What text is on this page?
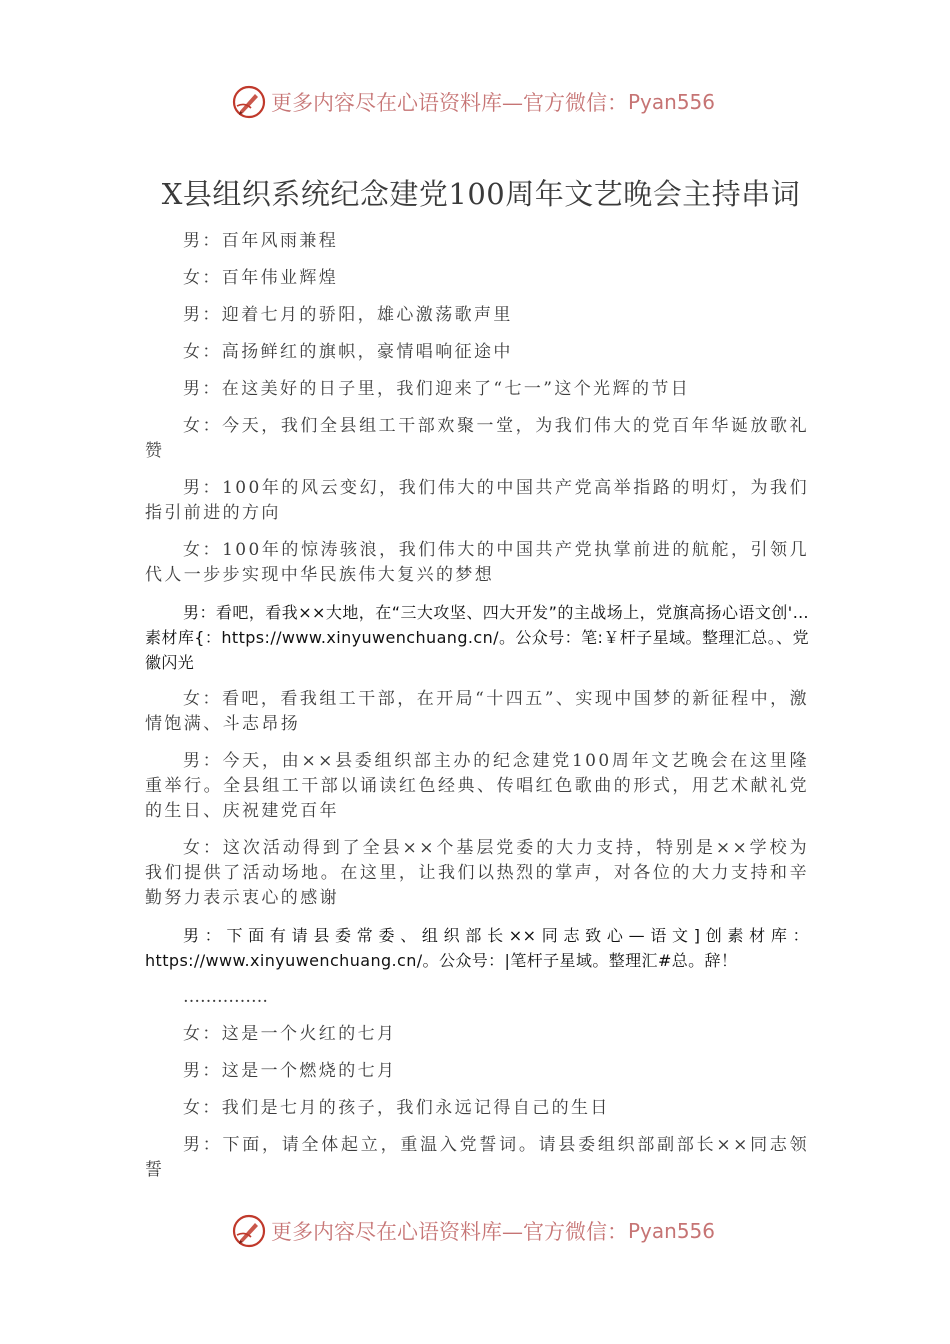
更多内容尽在心语资料库—官方微信： Pyan556
X县组织系统纪念建党100周年文艺晚会主持串词

男：百年风雨兼程

女：百年伟业辉煌

男：迎着七月的骄阳，雄心激荡歌声里

女：高扬鲜红的旗帜，豪情唱响征途中

男：在这美好的日子里，我们迎来了“七一”这个光辉的节日

女：今天，我们全县组工干部欢聚一堂，为我们伟大的党百年华诞放歌礼赞

男：100年的风云变幻，我们伟大的中国共产党高举指路的明灯，为我们指引前进的方向

女：100年的惊涛骇浪，我们伟大的中国共产党执掌前进的航舵，引领几代人一步步实现中华民族伟大复兴的梦想

男：看吧，看我××大地，在“三大攻坚、四大开发”的主战场上，党旗高扬心语文创'…素材库{：https://www.xinyuwenchuang.cn/。公众号：笔:￥杆子星域。整理汇总。、党徽闪光

女：看吧，看我组工干部，在开局“十四五”、实现中国梦的新征程中，激情饱满、斗志昂扬

男：今天，由××县委组织部主办的纪念建党100周年文艺晚会在这里隆重举行。全县组工干部以诵读红色经典、传唱红色歌曲的形式，用艺术献礼党的生日、庆祝建党百年

女：这次活动得到了全县××个基层党委的大力支持，特别是××学校为我们提供了活动场地。在这里，让我们以热烈的掌声，对各位的大力支持和辛勤努力表示衷心的感谢

男：下面有请县委常委、组织部长××同志致心—语文]创素材库：https://www.xinyuwenchuang.cn/。公众号：|笔杆子星域。整理汇#总。辞！

……………

女：这是一个火红的七月

男：这是一个燃烧的七月

女：我们是七月的孩子，我们永远记得自己的生日

男：下面，请全体起立，重温入党誓词。请县委组织部副部长××同志领誓

更多内容尽在心语资料库—官方微信： Pyan556
